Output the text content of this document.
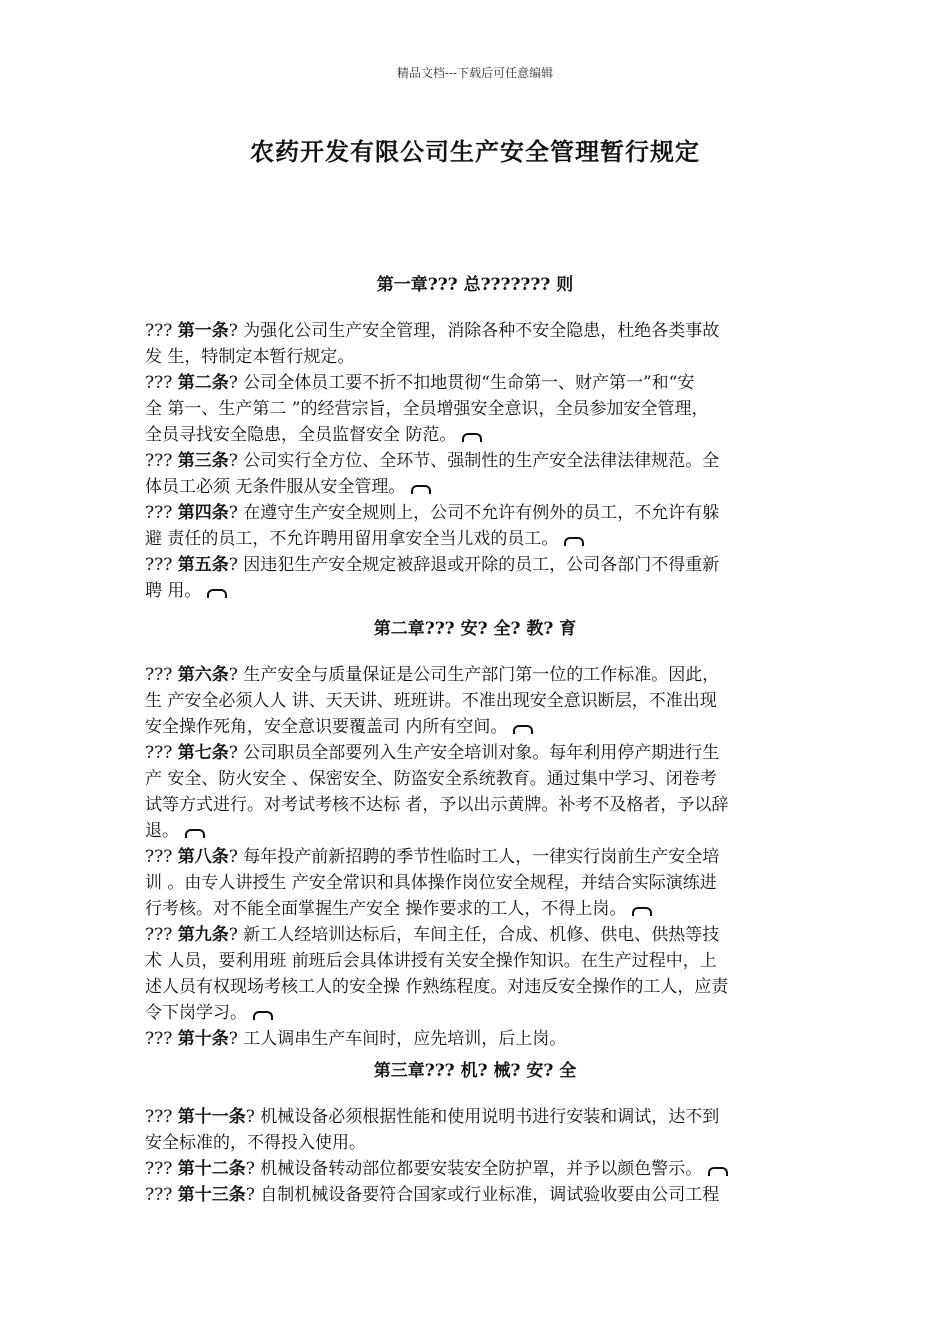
精品文档---下载后可任意编辑
农药开发有限公司生产安全管理暂行规定
第一章??? 总??????? 则
??? 第一条? 为强化公司生产安全管理，消除各种不安全隐患，杜绝各类事故
发 生，特制定本暂行规定。
??? 第二条? 公司全体员工要不折不扣地贯彻“生命第一、财产第一”和“安
全 第一、生产第二 ”的经营宗旨，全员增强安全意识，全员参加安全管理，
全员寻找安全隐患，全员监督安全 防范。
??? 第三条? 公司实行全方位、全环节、强制性的生产安全法律法律规范。全
体员工必须 无条件服从安全管理。
??? 第四条? 在遵守生产安全规则上，公司不允许有例外的员工，不允许有躲
避 责任的员工，不允许聘用留用拿安全当儿戏的员工。
??? 第五条? 因违犯生产安全规定被辞退或开除的员工，公司各部门不得重新
聘 用。
第二章??? 安? 全? 教? 育
??? 第六条? 生产安全与质量保证是公司生产部门第一位的工作标准。因此，
生 产安全必须人人 讲、天天讲、班班讲。不准出现安全意识断层，不准出现
安全操作死角，安全意识要覆盖司 内所有空间。
??? 第七条? 公司职员全部要列入生产安全培训对象。每年利用停产期进行生
产 安全、防火安全 、保密安全、防盗安全系统教育。通过集中学习、闭卷考
试等方式进行。对考试考核不达标 者，予以出示黄牌。补考不及格者，予以辞
退。
??? 第八条? 每年投产前新招聘的季节性临时工人，一律实行岗前生产安全培
训 。由专人讲授生 产安全常识和具体操作岗位安全规程，并结合实际演练进
行考核。对不能全面掌握生产安全 操作要求的工人，不得上岗。
??? 第九条? 新工人经培训达标后，车间主任，合成、机修、供电、供热等技
术 人员，要利用班 前班后会具体讲授有关安全操作知识。在生产过程中，上
述人员有权现场考核工人的安全操 作熟练程度。对违反安全操作的工人，应责
令下岗学习。
??? 第十条? 工人调串生产车间时，应先培训，后上岗。
第三章??? 机? 械? 安? 全
??? 第十一条? 机械设备必须根据性能和使用说明书进行安装和调试，达不到
安全标准的，不得投入使用。
??? 第十二条? 机械设备转动部位都要安装安全防护罩，并予以颜色警示。
??? 第十三条? 自制机械设备要符合国家或行业标准，调试验收要由公司工程
